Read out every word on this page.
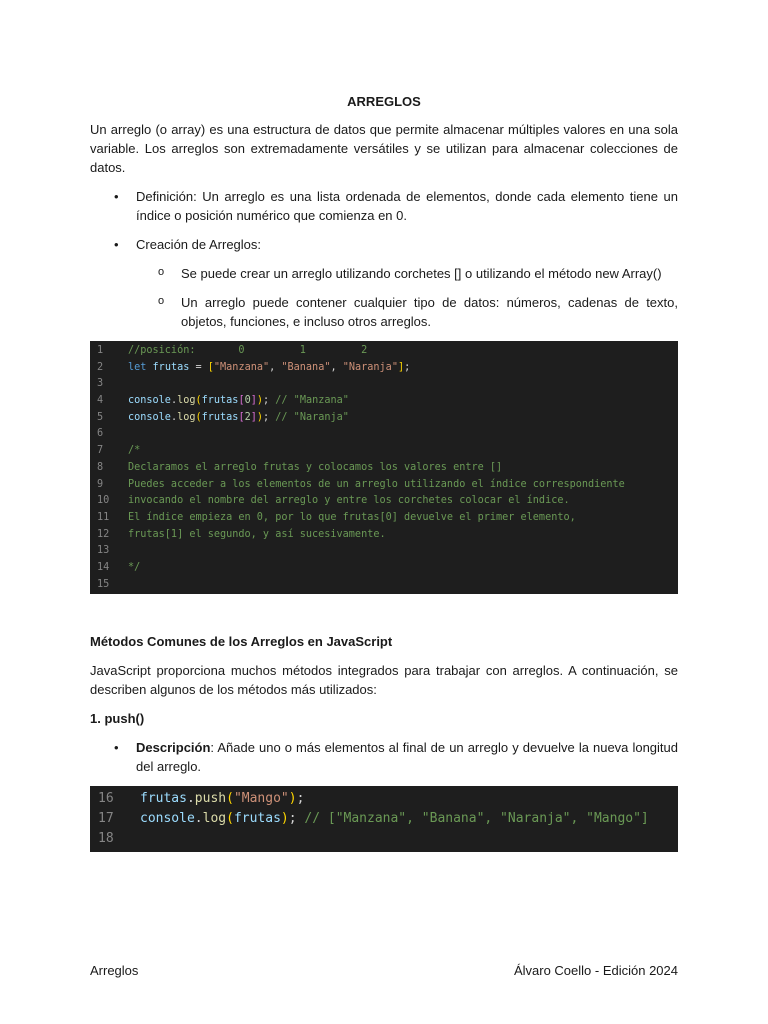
ARREGLOS

Un arreglo (o array) es una estructura de datos que permite almacenar múltiples valores en una sola variable. Los arreglos son extremadamente versátiles y se utilizan para almacenar colecciones de datos.

• Definición: Un arreglo es una lista ordenada de elementos, donde cada elemento tiene un índice o posición numérico que comienza en 0.
• Creación de Arreglos:
o Se puede crear un arreglo utilizando corchetes [] o utilizando el método new Array()
o Un arreglo puede contener cualquier tipo de datos: números, cadenas de texto, objetos, funciones, e incluso otros arreglos.
1	//posición:       0         1         2
2	let frutas = ["Manzana", "Banana", "Naranja"];
3
4	console.log(frutas[0]); // "Manzana"
5	console.log(frutas[2]); // "Naranja"
6
7	/*
8	Declaramos el arreglo frutas y colocamos los valores entre []
9	Puedes acceder a los elementos de un arreglo utilizando el índice correspondiente
10	invocando el nombre del arreglo y entre los corchetes colocar el índice.
11	El índice empieza en 0, por lo que frutas[0] devuelve el primer elemento,
12	frutas[1] el segundo, y así sucesivamente.
13
14	*/
15
Métodos Comunes de los Arreglos en JavaScript

JavaScript proporciona muchos métodos integrados para trabajar con arreglos. A continuación, se describen algunos de los métodos más utilizados:

1. push()
• Descripción: Añade uno o más elementos al final de un arreglo y devuelve la nueva longitud del arreglo.
16	frutas.push("Mango");
17	console.log(frutas); // ["Manzana", "Banana", "Naranja", "Mango"]
18
Arreglos	Álvaro Coello - Edición 2024
